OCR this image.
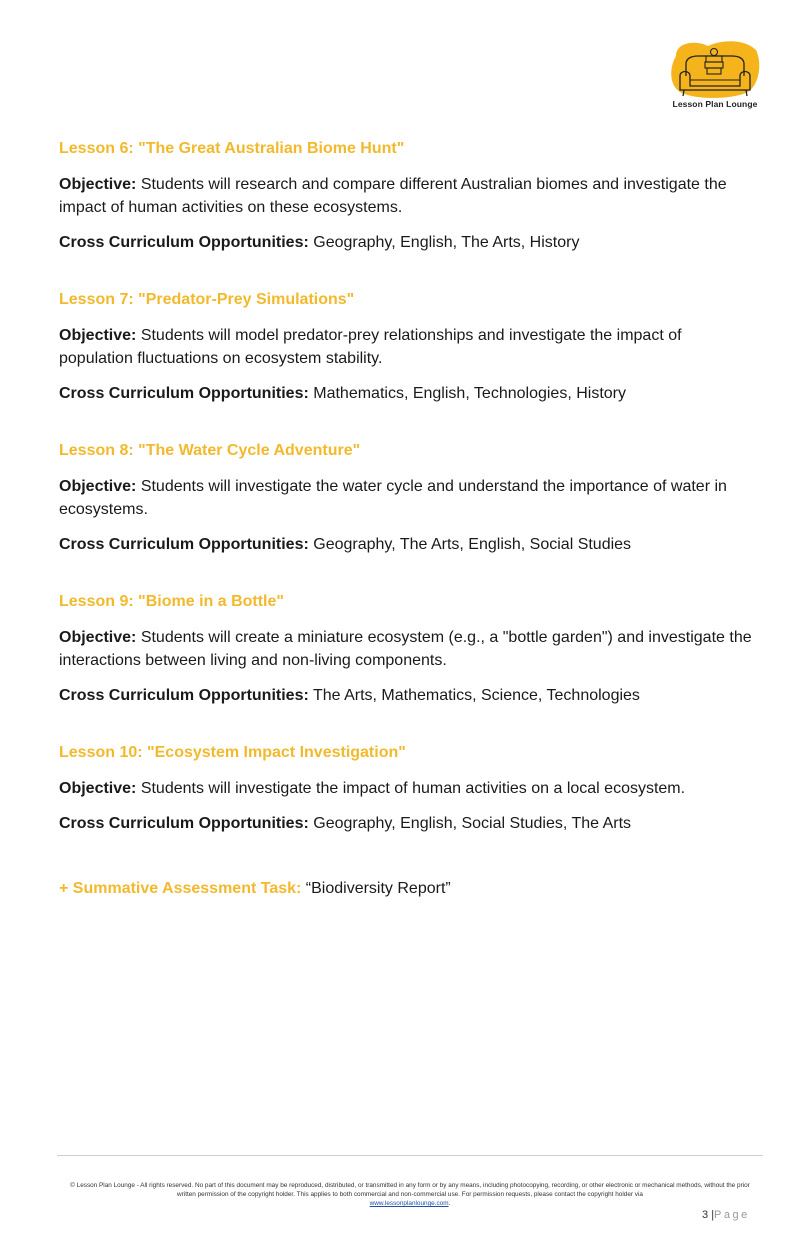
Lesson Plan Lounge
Lesson 6: "The Great Australian Biome Hunt"

Objective: Students will research and compare different Australian biomes and investigate the impact of human activities on these ecosystems.

Cross Curriculum Opportunities: Geography, English, The Arts, History

Lesson 7: "Predator-Prey Simulations"

Objective: Students will model predator-prey relationships and investigate the impact of population fluctuations on ecosystem stability.

Cross Curriculum Opportunities: Mathematics, English, Technologies, History

Lesson 8: "The Water Cycle Adventure"

Objective: Students will investigate the water cycle and understand the importance of water in ecosystems.

Cross Curriculum Opportunities: Geography, The Arts, English, Social Studies

Lesson 9: "Biome in a Bottle"

Objective: Students will create a miniature ecosystem (e.g., a "bottle garden") and investigate the interactions between living and non-living components.

Cross Curriculum Opportunities: The Arts, Mathematics, Science, Technologies

Lesson 10: "Ecosystem Impact Investigation"

Objective: Students will investigate the impact of human activities on a local ecosystem.

Cross Curriculum Opportunities: Geography, English, Social Studies, The Arts

+ Summative Assessment Task: “Biodiversity Report”
© Lesson Plan Lounge - All rights reserved. No part of this document may be reproduced, distributed, or transmitted in any form or by any means, including photocopying, recording, or other electronic or mechanical methods, without the prior written permission of the copyright holder. This applies to both commercial and non-commercial use. For permission requests, please contact the copyright holder via
www.lessonplanlounge.com.
3 |Page
